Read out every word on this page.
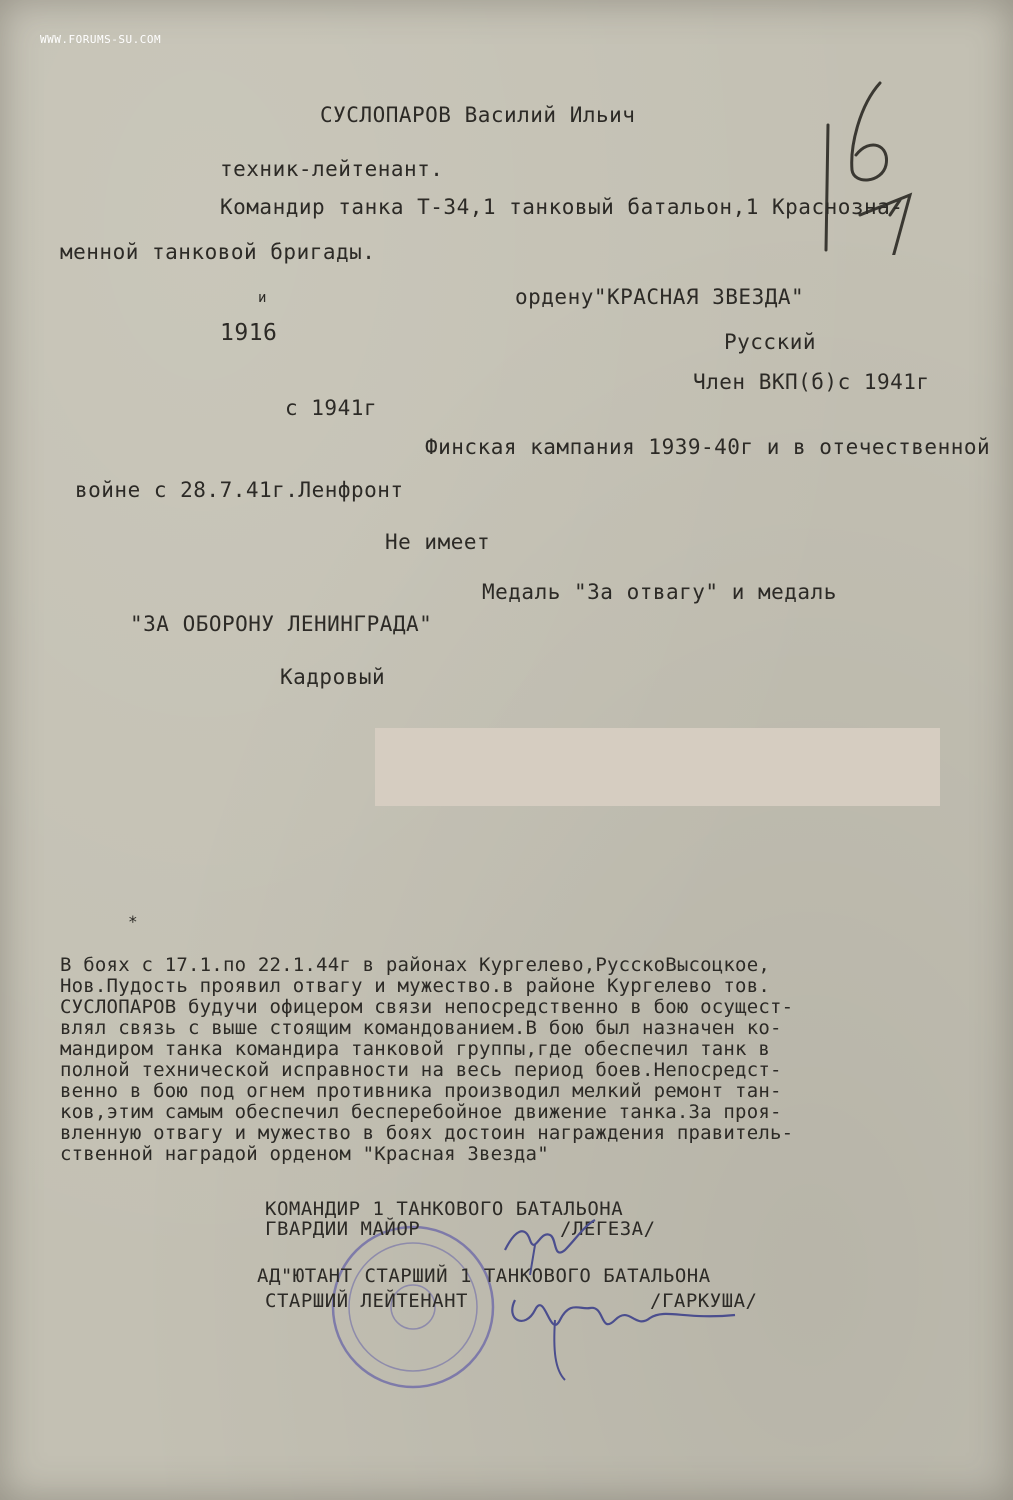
WWW.FORUMS-SU.COM
СУСЛОПАРОВ Василий Ильич
техник-лейтенант.
Командир танка Т-34,1 танковый батальон,1 Краснозна-
менной танковой бригады.
и	ордену"КРАСНАЯ ЗВЕЗДА"
1916	Русский
Член ВКП(б)с 1941г
с 1941г
Финская кампания 1939-40г и в отечественной
войне с 28.7.41г.Ленфронт
Не имеет
Медаль "За отвагу" и медаль
"ЗА ОБОРОНУ ЛЕНИНГРАДА"
Кадровый
*
В боях с 17.1.по 22.1.44г в районах Кургелево,РусскоВысоцкое,
Нов.Пудость проявил отвагу и мужество.в районе Кургелево тов.
СУСЛОПАРОВ будучи офицером связи непосредственно в бою осущест-
влял связь с выше стоящим командованием.В бою был назначен ко-
мандиром танка командира танковой группы,где обеспечил танк в
полной технической исправности на весь период боев.Непосредст-
венно в бою под огнем противника производил мелкий ремонт тан-
ков,этим самым обеспечил бесперебойное движение танка.За проя-
вленную отвагу и мужество в боях достоин награждения правитель-
ственной наградой орденом "Красная Звезда"
КОМАНДИР 1 ТАНКОВОГО БАТАЛЬОНА
ГВАРДИИ МАЙОР	/ЛЕГЕЗА/
АД"ЮТАНТ СТАРШИЙ 1 ТАНКОВОГО БАТАЛЬОНА
СТАРШИЙ ЛЕЙТЕНАНТ	/ГАРКУША/
